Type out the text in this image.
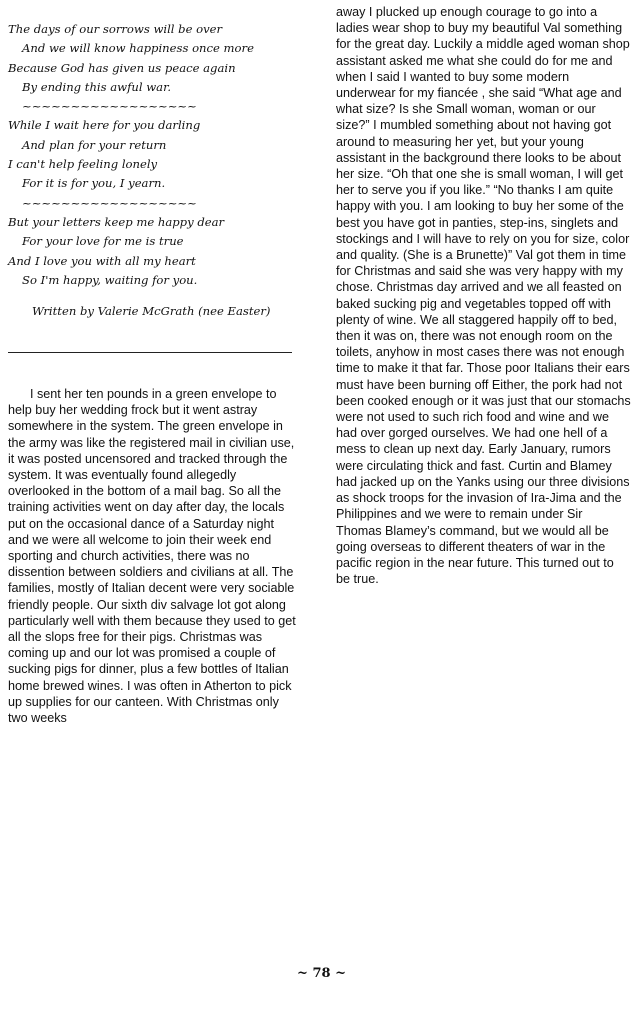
The days of our sorrows will be over
And we will know happiness once more
Because God has given us peace again
By ending this awful war.
~~~~~~~~~~~~~~~~~~
While I wait here for you darling
And plan for your return
I can't help feeling lonely
For it is for you, I yearn.
~~~~~~~~~~~~~~~~~~
But your letters keep me happy dear
For your love for me is true
And I love you with all my heart
So I'm happy, waiting for you.
Written by Valerie McGrath (nee Easter)

I sent her ten pounds in a green envelope to help buy her wedding frock but it went astray somewhere in the system. The green envelope in the army was like the registered mail in civilian use, it was posted uncensored and tracked through the system. It was eventually found allegedly overlooked in the bottom of a mail bag. So all the training activities went on day after day, the locals put on the occasional dance of a Saturday night and we were all welcome to join their week end sporting and church activities, there was no dissention between soldiers and civilians at all. The families, mostly of Italian decent were very sociable friendly people. Our sixth div salvage lot got along particularly well with them because they used to get all the slops free for their pigs. Christmas was coming up and our lot was promised a couple of sucking pigs for dinner, plus a few bottles of Italian home brewed wines. I was often in Atherton to pick up supplies for our canteen. With Christmas only two weeks

away I plucked up enough courage to go into a ladies wear shop to buy my beautiful Val something for the great day. Luckily a middle aged woman shop assistant asked me what she could do for me and when I said I wanted to buy some modern underwear for my fiancée , she said “What age and what size? Is she Small woman, woman or our size?” I mumbled something about not having got around to measuring her yet, but your young assistant in the background there looks to be about her size. “Oh that one she is small woman, I will get her to serve you if you like.” “No thanks I am quite happy with you. I am looking to buy her some of the best you have got in panties, step-ins, singlets and stockings and I will have to rely on you for size, color and quality. (She is a Brunette)” Val got them in time for Christmas and said she was very happy with my chose. Christmas day arrived and we all feasted on baked sucking pig and vegetables topped off with plenty of wine. We all staggered happily off to bed, then it was on, there was not enough room on the toilets, anyhow in most cases there was not enough time to make it that far. Those poor Italians their ears must have been burning off Either, the pork had not been cooked enough or it was just that our stomachs were not used to such rich food and wine and we had over gorged ourselves. We had one hell of a mess to clean up next day. Early January, rumors were circulating thick and fast. Curtin and Blamey had jacked up on the Yanks using our three divisions as shock troops for the invasion of Ira-Jima and the Philippines and we were to remain under Sir Thomas Blamey’s command, but we would all be going overseas to different theaters of war in the pacific region in the near future. This turned out to be true.

~ 78 ~
